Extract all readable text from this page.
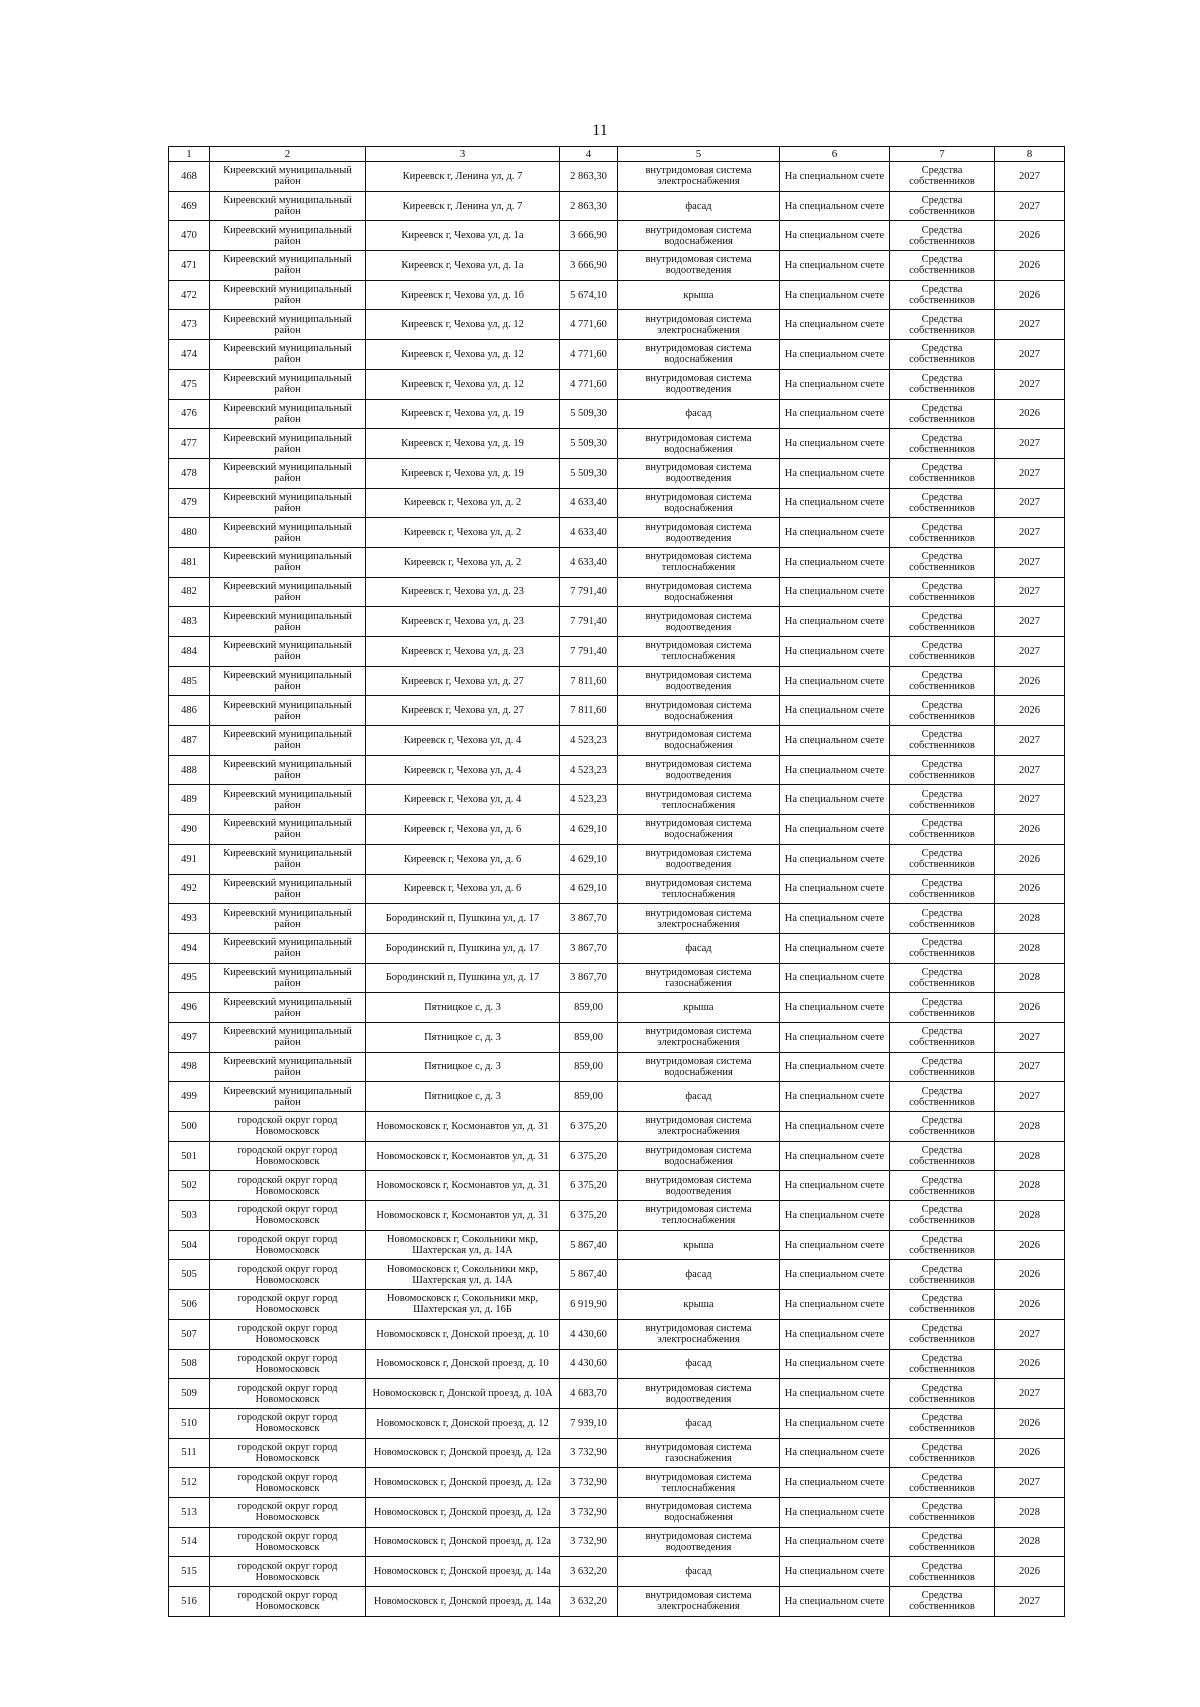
11
1	2	3	4	5	6	7	8
468	Киреевский муниципальный район	Киреевск г, Ленина ул, д. 7	2 863,30	внутридомовая система электроснабжения	На специальном счете	Средства собственников	2027
469	Киреевский муниципальный район	Киреевск г, Ленина ул, д. 7	2 863,30	фасад	На специальном счете	Средства собственников	2027
470	Киреевский муниципальный район	Киреевск г, Чехова ул, д. 1а	3 666,90	внутридомовая система водоснабжения	На специальном счете	Средства собственников	2026
471	Киреевский муниципальный район	Киреевск г, Чехова ул, д. 1а	3 666,90	внутридомовая система водоотведения	На специальном счете	Средства собственников	2026
472	Киреевский муниципальный район	Киреевск г, Чехова ул, д. 1б	5 674,10	крыша	На специальном счете	Средства собственников	2026
473	Киреевский муниципальный район	Киреевск г, Чехова ул, д. 12	4 771,60	внутридомовая система электроснабжения	На специальном счете	Средства собственников	2027
474	Киреевский муниципальный район	Киреевск г, Чехова ул, д. 12	4 771,60	внутридомовая система водоснабжения	На специальном счете	Средства собственников	2027
475	Киреевский муниципальный район	Киреевск г, Чехова ул, д. 12	4 771,60	внутридомовая система водоотведения	На специальном счете	Средства собственников	2027
476	Киреевский муниципальный район	Киреевск г, Чехова ул, д. 19	5 509,30	фасад	На специальном счете	Средства собственников	2026
477	Киреевский муниципальный район	Киреевск г, Чехова ул, д. 19	5 509,30	внутридомовая система водоснабжения	На специальном счете	Средства собственников	2027
478	Киреевский муниципальный район	Киреевск г, Чехова ул, д. 19	5 509,30	внутридомовая система водоотведения	На специальном счете	Средства собственников	2027
479	Киреевский муниципальный район	Киреевск г, Чехова ул, д. 2	4 633,40	внутридомовая система водоснабжения	На специальном счете	Средства собственников	2027
480	Киреевский муниципальный район	Киреевск г, Чехова ул, д. 2	4 633,40	внутридомовая система водоотведения	На специальном счете	Средства собственников	2027
481	Киреевский муниципальный район	Киреевск г, Чехова ул, д. 2	4 633,40	внутридомовая система теплоснабжения	На специальном счете	Средства собственников	2027
482	Киреевский муниципальный район	Киреевск г, Чехова ул, д. 23	7 791,40	внутридомовая система водоснабжения	На специальном счете	Средства собственников	2027
483	Киреевский муниципальный район	Киреевск г, Чехова ул, д. 23	7 791,40	внутридомовая система водоотведения	На специальном счете	Средства собственников	2027
484	Киреевский муниципальный район	Киреевск г, Чехова ул, д. 23	7 791,40	внутридомовая система теплоснабжения	На специальном счете	Средства собственников	2027
485	Киреевский муниципальный район	Киреевск г, Чехова ул, д. 27	7 811,60	внутридомовая система водоотведения	На специальном счете	Средства собственников	2026
486	Киреевский муниципальный район	Киреевск г, Чехова ул, д. 27	7 811,60	внутридомовая система водоснабжения	На специальном счете	Средства собственников	2026
487	Киреевский муниципальный район	Киреевск г, Чехова ул, д. 4	4 523,23	внутридомовая система водоснабжения	На специальном счете	Средства собственников	2027
488	Киреевский муниципальный район	Киреевск г, Чехова ул, д. 4	4 523,23	внутридомовая система водоотведения	На специальном счете	Средства собственников	2027
489	Киреевский муниципальный район	Киреевск г, Чехова ул, д. 4	4 523,23	внутридомовая система теплоснабжения	На специальном счете	Средства собственников	2027
490	Киреевский муниципальный район	Киреевск г, Чехова ул, д. 6	4 629,10	внутридомовая система водоснабжения	На специальном счете	Средства собственников	2026
491	Киреевский муниципальный район	Киреевск г, Чехова ул, д. 6	4 629,10	внутридомовая система водоотведения	На специальном счете	Средства собственников	2026
492	Киреевский муниципальный район	Киреевск г, Чехова ул, д. 6	4 629,10	внутридомовая система теплоснабжения	На специальном счете	Средства собственников	2026
493	Киреевский муниципальный район	Бородинский п, Пушкина ул, д. 17	3 867,70	внутридомовая система электроснабжения	На специальном счете	Средства собственников	2028
494	Киреевский муниципальный район	Бородинский п, Пушкина ул, д. 17	3 867,70	фасад	На специальном счете	Средства собственников	2028
495	Киреевский муниципальный район	Бородинский п, Пушкина ул, д. 17	3 867,70	внутридомовая система газоснабжения	На специальном счете	Средства собственников	2028
496	Киреевский муниципальный район	Пятницкое с, д. 3	859,00	крыша	На специальном счете	Средства собственников	2026
497	Киреевский муниципальный район	Пятницкое с, д. 3	859,00	внутридомовая система электроснабжения	На специальном счете	Средства собственников	2027
498	Киреевский муниципальный район	Пятницкое с, д. 3	859,00	внутридомовая система водоснабжения	На специальном счете	Средства собственников	2027
499	Киреевский муниципальный район	Пятницкое с, д. 3	859,00	фасад	На специальном счете	Средства собственников	2027
500	городской округ город Новомосковск	Новомосковск г, Космонавтов ул, д. 31	6 375,20	внутридомовая система электроснабжения	На специальном счете	Средства собственников	2028
501	городской округ город Новомосковск	Новомосковск г, Космонавтов ул, д. 31	6 375,20	внутридомовая система водоснабжения	На специальном счете	Средства собственников	2028
502	городской округ город Новомосковск	Новомосковск г, Космонавтов ул, д. 31	6 375,20	внутридомовая система водоотведения	На специальном счете	Средства собственников	2028
503	городской округ город Новомосковск	Новомосковск г, Космонавтов ул, д. 31	6 375,20	внутридомовая система теплоснабжения	На специальном счете	Средства собственников	2028
504	городской округ город Новомосковск	Новомосковск г, Сокольники мкр, Шахтерская ул, д. 14А	5 867,40	крыша	На специальном счете	Средства собственников	2026
505	городской округ город Новомосковск	Новомосковск г, Сокольники мкр, Шахтерская ул, д. 14А	5 867,40	фасад	На специальном счете	Средства собственников	2026
506	городской округ город Новомосковск	Новомосковск г, Сокольники мкр, Шахтерская ул, д. 16Б	6 919,90	крыша	На специальном счете	Средства собственников	2026
507	городской округ город Новомосковск	Новомосковск г, Донской проезд, д. 10	4 430,60	внутридомовая система электроснабжения	На специальном счете	Средства собственников	2027
508	городской округ город Новомосковск	Новомосковск г, Донской проезд, д. 10	4 430,60	фасад	На специальном счете	Средства собственников	2026
509	городской округ город Новомосковск	Новомосковск г, Донской проезд, д. 10А	4 683,70	внутридомовая система водоотведения	На специальном счете	Средства собственников	2027
510	городской округ город Новомосковск	Новомосковск г, Донской проезд, д. 12	7 939,10	фасад	На специальном счете	Средства собственников	2026
511	городской округ город Новомосковск	Новомосковск г, Донской проезд, д. 12а	3 732,90	внутридомовая система газоснабжения	На специальном счете	Средства собственников	2026
512	городской округ город Новомосковск	Новомосковск г, Донской проезд, д. 12а	3 732,90	внутридомовая система теплоснабжения	На специальном счете	Средства собственников	2027
513	городской округ город Новомосковск	Новомосковск г, Донской проезд, д. 12а	3 732,90	внутридомовая система водоснабжения	На специальном счете	Средства собственников	2028
514	городской округ город Новомосковск	Новомосковск г, Донской проезд, д. 12а	3 732,90	внутридомовая система водоотведения	На специальном счете	Средства собственников	2028
515	городской округ город Новомосковск	Новомосковск г, Донской проезд, д. 14а	3 632,20	фасад	На специальном счете	Средства собственников	2026
516	городской округ город Новомосковск	Новомосковск г, Донской проезд, д. 14а	3 632,20	внутридомовая система электроснабжения	На специальном счете	Средства собственников	2027
